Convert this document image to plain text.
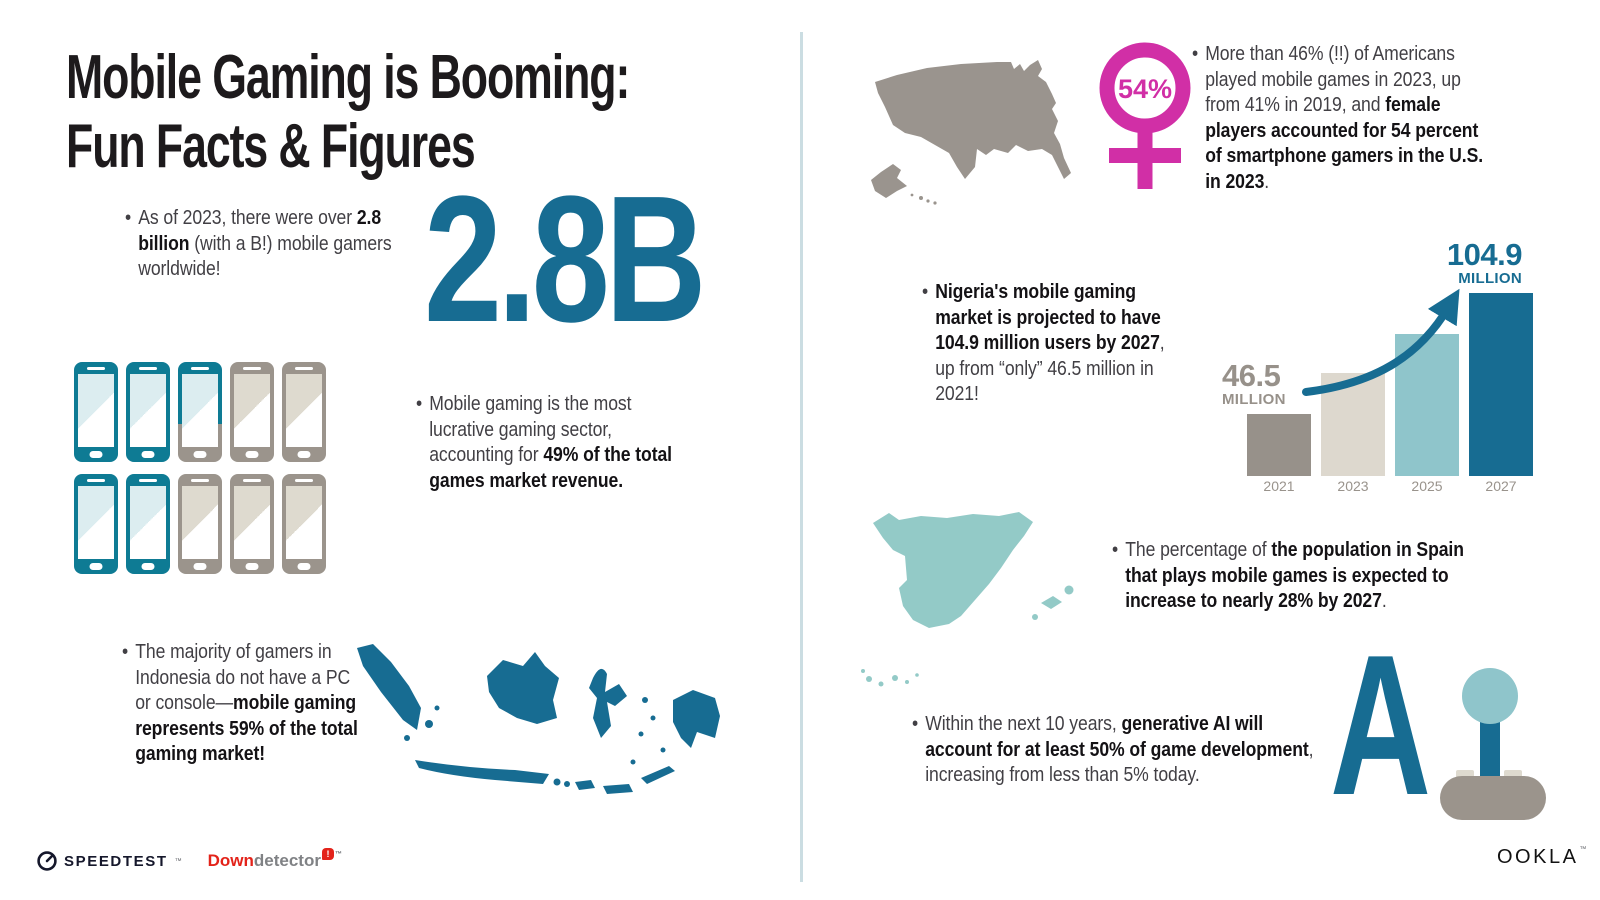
Mobile Gaming is Booming:
Fun Facts & Figures
• As of 2023, there were over 2.8 billion (with a B!) mobile gamers worldwide!	2.8B
• Mobile gaming is the most lucrative gaming sector, accounting for 49% of the total games market revenue.
• The majority of gamers in Indonesia do not have a PC or console—mobile gaming represents 59% of the total gaming market!
54%
• More than 46% (!!) of Americans played mobile games in 2023, up from 41% in 2019, and female players accounted for 54 percent of smartphone gamers in the U.S. in 2023.
• Nigeria's mobile gaming market is projected to have 104.9 million users by 2027, up from “only” 46.5 million in 2021!
2021	2023	2025	2027
46.5
MILLION
104.9
MILLION
• The percentage of the population in Spain that plays mobile games is expected to increase to nearly 28% by 2027.
• Within the next 10 years, generative AI will account for at least 50% of game development, increasing from less than 5% today. A
SPEEDTEST ™ Down detector ! ™	OOKLA™
